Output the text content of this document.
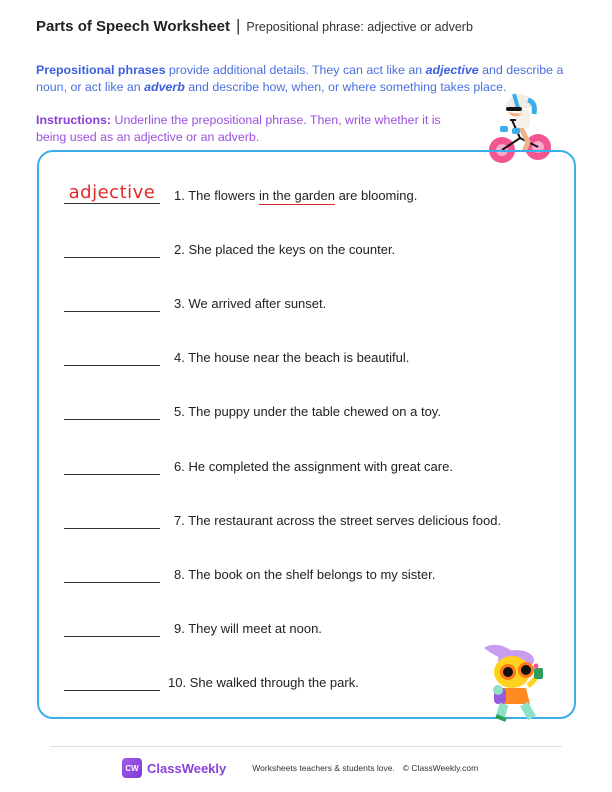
Parts of Speech Worksheet | Prepositional phrase: adjective or adverb

Prepositional phrases provide additional details. They can act like an adjective and describe a noun, or act like an adverb and describe how, when, or where something takes place.

Instructions: Underline the prepositional phrase. Then, write whether it is being used as an adjective or an adverb.

adjective	1. The flowers in the garden are blooming.
2. She placed the keys on the counter.
3. We arrived after sunset.
4. The house near the beach is beautiful.
5. The puppy under the table chewed on a toy.
6. He completed the assignment with great care.
7. The restaurant across the street serves delicious food.
8. The book on the shelf belongs to my sister.
9. They will meet at noon.
10. She walked through the park.
CW ClassWeekly	Worksheets teachers & students love. © ClassWeekly.com
